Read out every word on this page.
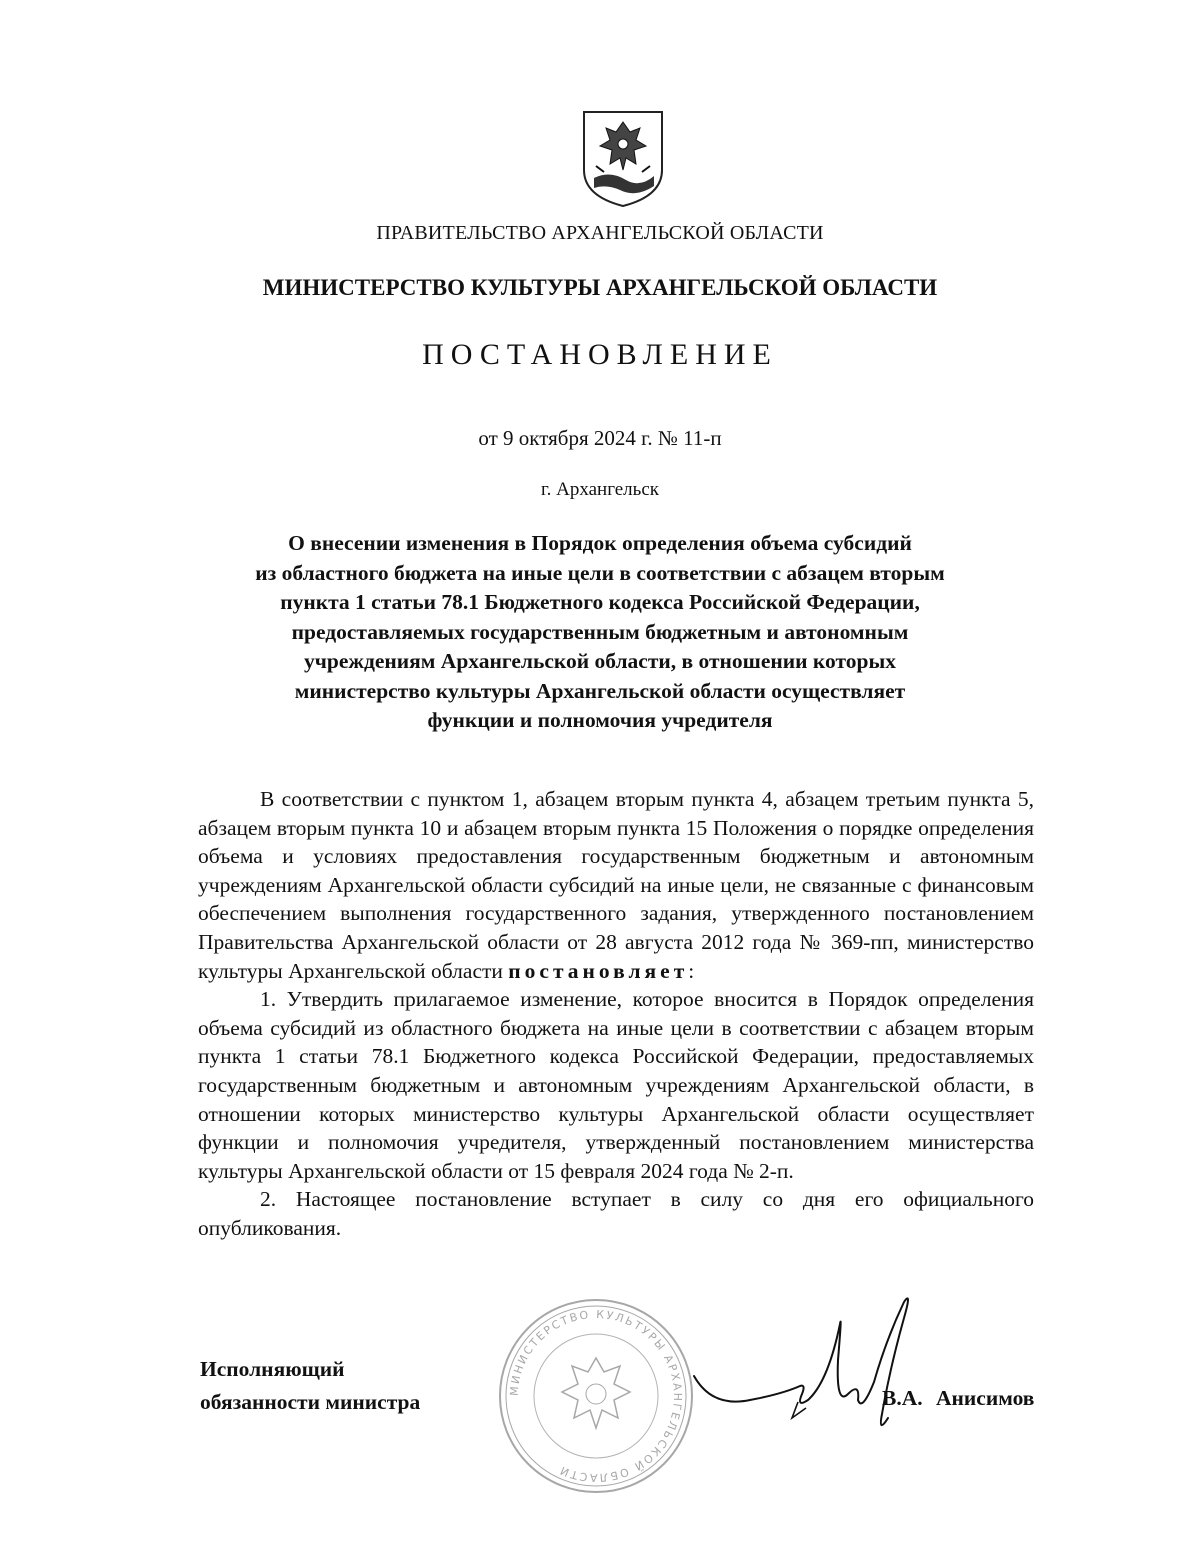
ПРАВИТЕЛЬСТВО АРХАНГЕЛЬСКОЙ ОБЛАСТИ
МИНИСТЕРСТВО КУЛЬТУРЫ АРХАНГЕЛЬСКОЙ ОБЛАСТИ
ПОСТАНОВЛЕНИЕ
от 9 октября 2024 г. № 11-п
г. Архангельск
О внесении изменения в Порядок определения объема субсидий
из областного бюджета на иные цели в соответствии с абзацем вторым
пункта 1 статьи 78.1 Бюджетного кодекса Российской Федерации,
предоставляемых государственным бюджетным и автономным
учреждениям Архангельской области, в отношении которых
министерство культуры Архангельской области осуществляет
функции и полномочия учредителя

В соответствии с пунктом 1, абзацем вторым пункта 4, абзацем третьим пункта 5, абзацем вторым пункта 10 и абзацем вторым пункта 15 Положения о порядке определения объема и условиях предоставления государственным бюджетным и автономным учреждениям Архангельской области субсидий на иные цели, не связанные с финансовым обеспечением выполнения государственного задания, утвержденного постановлением Правительства Архангельской области от 28 августа 2012 года № 369-пп, министерство культуры Архангельской области постановляет:

1. Утвердить прилагаемое изменение, которое вносится в Порядок определения объема субсидий из областного бюджета на иные цели в соответствии с абзацем вторым пункта 1 статьи 78.1 Бюджетного кодекса Российской Федерации, предоставляемых государственным бюджетным и автономным учреждениям Архангельской области, в отношении которых министерство культуры Архангельской области осуществляет функции и полномочия учредителя, утвержденный постановлением министерства культуры Архангельской области от 15 февраля 2024 года № 2-п.

2. Настоящее постановление вступает в силу со дня его официального опубликования.

Исполняющий
обязанности министра	МИНИСТЕРСТВО КУЛЬТУРЫ АРХАНГЕЛЬСКОЙ ОБЛАСТИ
В.А. Анисимов
